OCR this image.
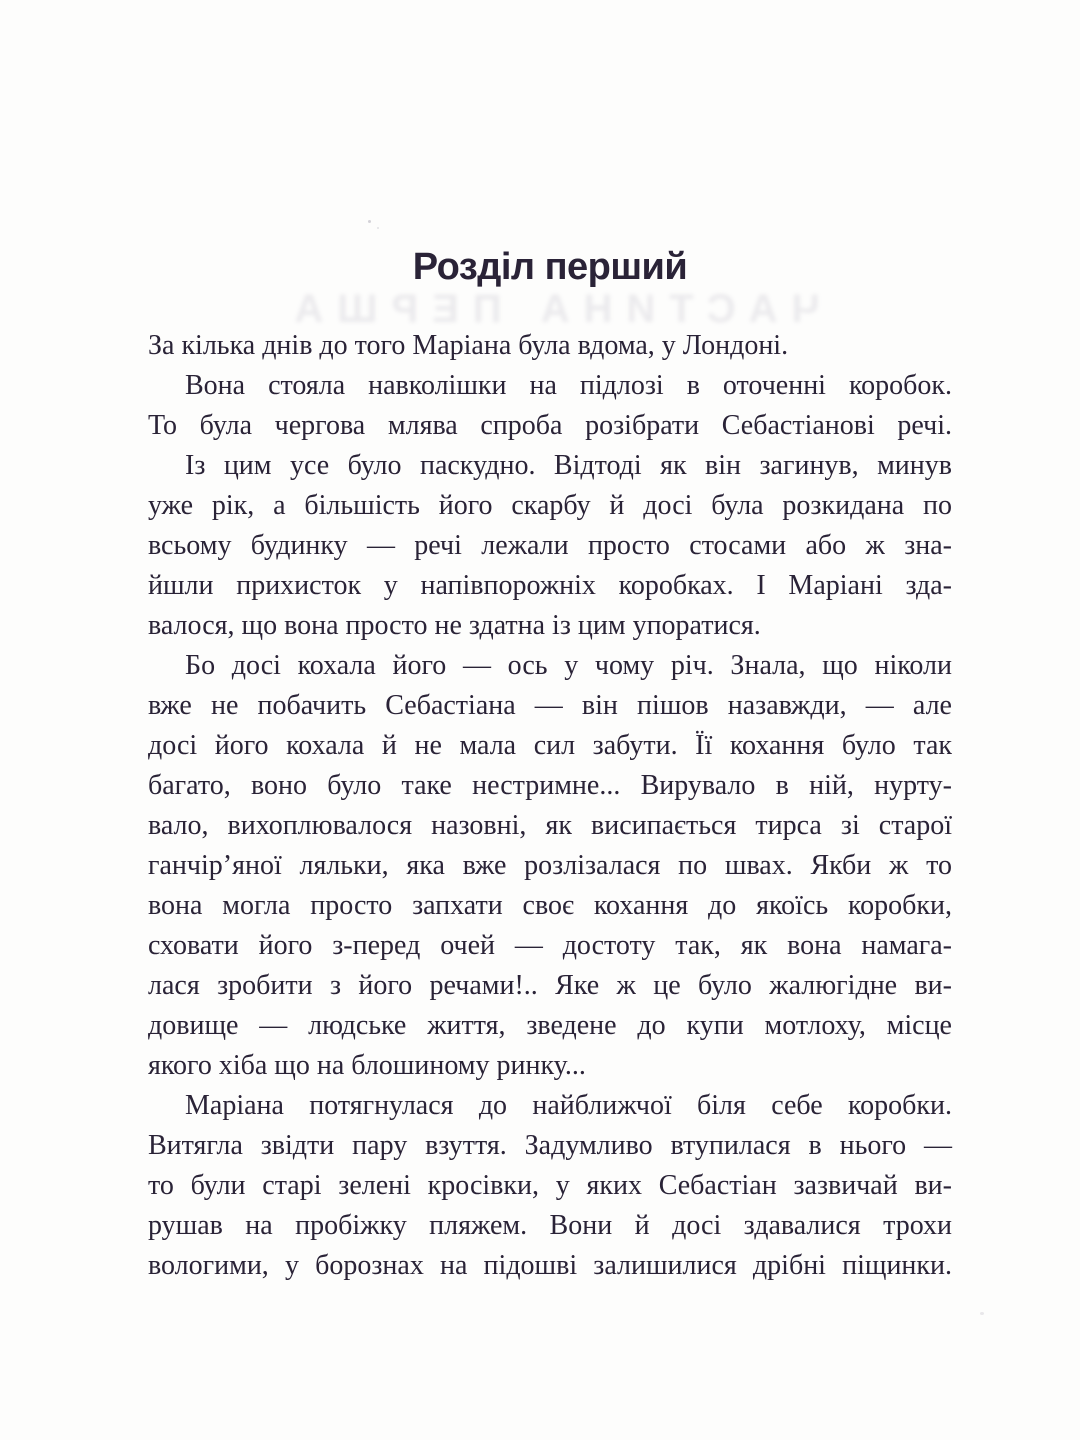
Розділ перший
ЧАСТИНА ПЕРША
За кілька днів до того Маріана була вдома, у Лондоні.
Вона стояла навколішки на підлозі в оточенні коробок.
То була чергова млява спроба розібрати Себастіанові речі.
Із цим усе було паскудно. Відтоді як він загинув, минув
уже рік, а більшість його скарбу й досі була розкидана по
всьому будинку — речі лежали просто стосами або ж зна-
йшли прихисток у напівпорожніх коробках. І Маріані зда-
валося, що вона просто не здатна із цим упоратися.
Бо досі кохала його — ось у чому річ. Знала, що ніколи
вже не побачить Себастіана — він пішов назавжди, — але
досі його кохала й не мала сил забути. Її кохання було так
багато, воно було таке нестримне... Вирувало в ній, нурту-
вало, вихоплювалося назовні, як висипається тирса зі старої
ганчір’яної ляльки, яка вже розлізалася по швах. Якби ж то
вона могла просто запхати своє кохання до якоїсь коробки,
сховати його з-перед очей — достоту так, як вона намага-
лася зробити з його речами!.. Яке ж це було жалюгідне ви-
довище — людське життя, зведене до купи мотлоху, місце
якого хіба що на блошиному ринку...
Маріана потягнулася до найближчої біля себе коробки.
Витягла звідти пару взуття. Задумливо втупилася в нього —
то були старі зелені кросівки, у яких Себастіан зазвичай ви-
рушав на пробіжку пляжем. Вони й досі здавалися трохи
вологими, у борознах на підошві залишилися дрібні піщинки.
